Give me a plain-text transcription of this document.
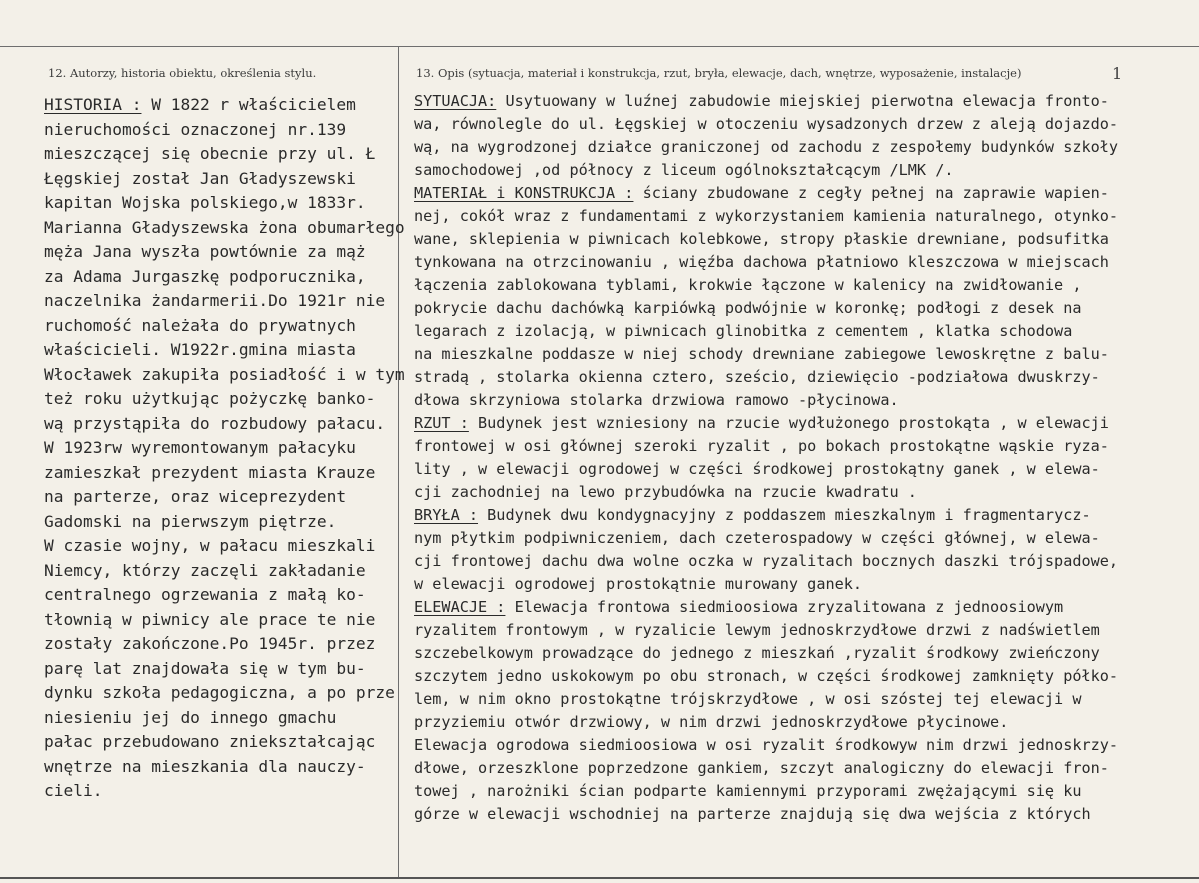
12. Autorzy, historia obiektu, określenia stylu.	13. Opis (sytuacja, materiał i konstrukcja, rzut, bryła, elewacje, dach, wnętrze, wyposażenie, instalacje)	1
HISTORIA : W 1822 r właścicielem
nieruchomości oznaczonej nr.139
mieszczącej się obecnie przy ul. Ł
Łęgskiej został Jan Gładyszewski
kapitan Wojska polskiego,w 1833r.
Marianna Gładyszewska żona obumarłego
męża Jana wyszła powtównie za mąż
za Adama Jurgaszkę podporucznika,
naczelnika żandarmerii.Do 1921r nie
ruchomość należała do prywatnych
właścicieli. W1922r.gmina miasta
Włocławek zakupiła posiadłość i w tym
też roku użytkując pożyczkę banko-
wą przystąpiła do rozbudowy pałacu.
W 1923rw wyremontowanym pałacyku
zamieszkał prezydent miasta Krauze
na parterze, oraz wiceprezydent
Gadomski na pierwszym piętrze.
W czasie wojny, w pałacu mieszkali
Niemcy, którzy zaczęli zakładanie
centralnego ogrzewania z małą ko-
tłownią w piwnicy ale prace te nie
zostały zakończone.Po 1945r. przez
parę lat znajdowała się w tym bu-
dynku szkoła pedagogiczna, a po prze
niesieniu jej do innego gmachu
pałac przebudowano zniekształcając
wnętrze na mieszkania dla nauczy-
cieli.
SYTUACJA: Usytuowany w luźnej zabudowie miejskiej pierwotna elewacja fronto-
wa, równolegle do ul. Łęgskiej w otoczeniu wysadzonych drzew z aleją dojazdo-
wą, na wygrodzonej działce graniczonej od zachodu z zespołemy budynków szkoły
samochodowej ,od północy z liceum ogólnokształcącym /LMK /.
MATERIAŁ i KONSTRUKCJA : ściany zbudowane z cegły pełnej na zaprawie wapien-
nej, cokół wraz z fundamentami z wykorzystaniem kamienia naturalnego, otynko-
wane, sklepienia w piwnicach kolebkowe, stropy płaskie drewniane, podsufitka
tynkowana na otrzcinowaniu , więźba dachowa płatniowo kleszczowa w miejscach
łączenia zablokowana tyblami, krokwie łączone w kalenicy na zwidłowanie ,
pokrycie dachu dachówką karpiówką podwójnie w koronkę; podłogi z desek na
legarach z izolacją, w piwnicach glinobitka z cementem , klatka schodowa
na mieszkalne poddasze w niej schody drewniane zabiegowe lewoskrętne z balu-
stradą , stolarka okienna cztero, sześcio, dziewięcio -podziałowa dwuskrzy-
dłowa skrzyniowa stolarka drzwiowa ramowo -płycinowa.
RZUT : Budynek jest wzniesiony na rzucie wydłużonego prostokąta , w elewacji
frontowej w osi głównej szeroki ryzalit , po bokach prostokątne wąskie ryza-
lity , w elewacji ogrodowej w części środkowej prostokątny ganek , w elewa-
cji zachodniej na lewo przybudówka na rzucie kwadratu .
BRYŁA : Budynek dwu kondygnacyjny z poddaszem mieszkalnym i fragmentarycz-
nym płytkim podpiwniczeniem, dach czeterospadowy w części głównej, w elewa-
cji frontowej dachu dwa wolne oczka w ryzalitach bocznych daszki trójspadowe,
w elewacji ogrodowej prostokątnie murowany ganek.
ELEWACJE : Elewacja frontowa siedmioosiowa zryzalitowana z jednoosiowym
ryzalitem frontowym , w ryzalicie lewym jednoskrzydłowe drzwi z nadświetlem
szczebelkowym prowadzące do jednego z mieszkań ,ryzalit środkowy zwieńczony
szczytem jedno uskokowym po obu stronach, w części środkowej zamknięty półko-
lem, w nim okno prostokątne trójskrzydłowe , w osi szóstej tej elewacji w
przyziemiu otwór drzwiowy, w nim drzwi jednoskrzydłowe płycinowe.
Elewacja ogrodowa siedmioosiowa w osi ryzalit środkowyw nim drzwi jednoskrzy-
dłowe, orzeszklone poprzedzone gankiem, szczyt analogiczny do elewacji fron-
towej , narożniki ścian podparte kamiennymi przyporami zwężającymi się ku
górze w elewacji wschodniej na parterze znajdują się dwa wejścia z których
